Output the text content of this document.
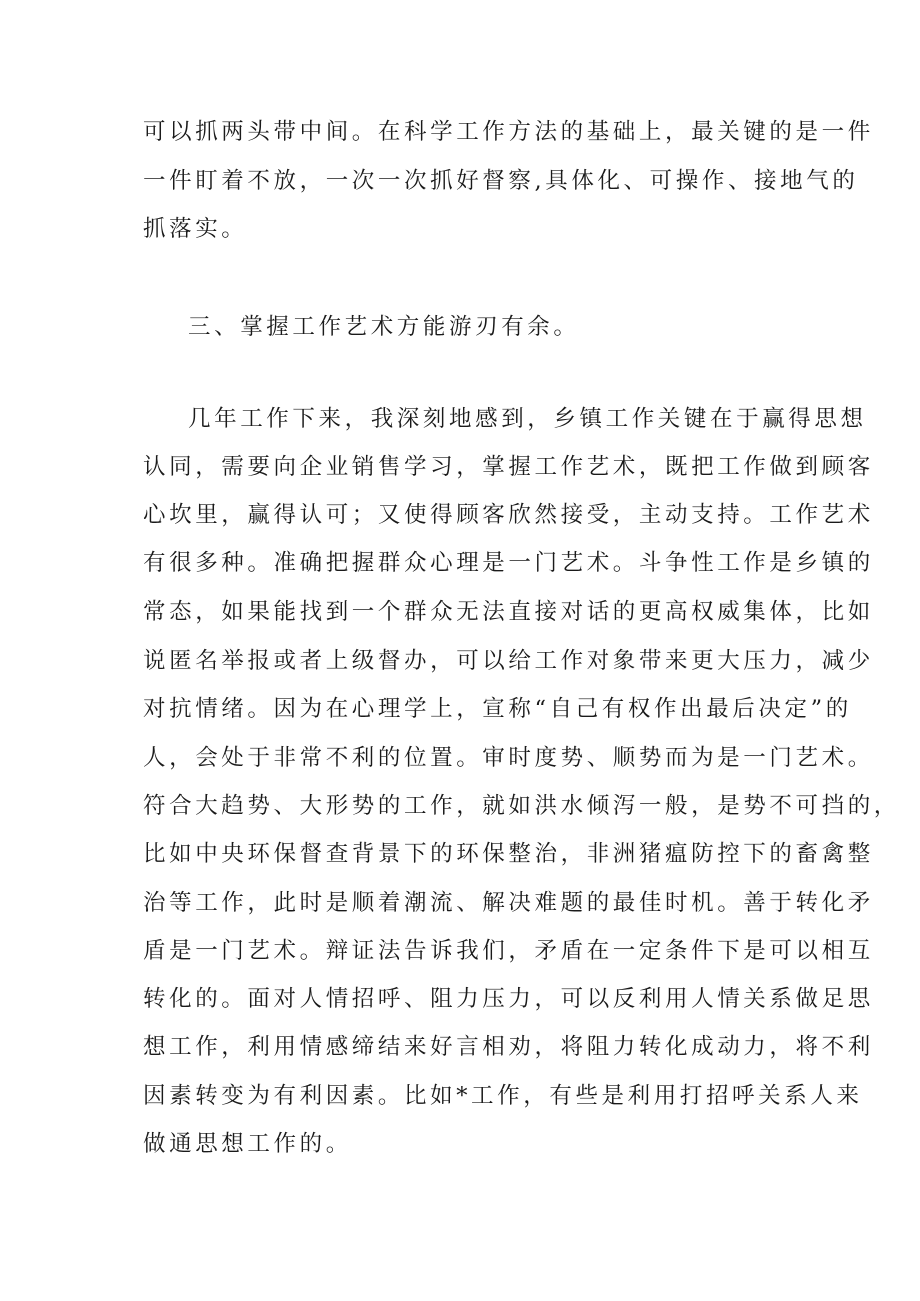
可以抓两头带中间。在科学工作方法的基础上，最关键的是一件

一件盯着不放，一次一次抓好督察,具体化、可操作、接地气的

抓落实。

三、掌握工作艺术方能游刃有余。

几年工作下来，我深刻地感到，乡镇工作关键在于赢得思想

认同，需要向企业销售学习，掌握工作艺术，既把工作做到顾客

心坎里，赢得认可；又使得顾客欣然接受，主动支持。工作艺术

有很多种。准确把握群众心理是一门艺术。斗争性工作是乡镇的

常态，如果能找到一个群众无法直接对话的更高权威集体，比如

说匿名举报或者上级督办，可以给工作对象带来更大压力，减少

对抗情绪。因为在心理学上，宣称“自己有权作出最后决定”的

人，会处于非常不利的位置。审时度势、顺势而为是一门艺术。

符合大趋势、大形势的工作，就如洪水倾泻一般，是势不可挡的，

比如中央环保督查背景下的环保整治，非洲猪瘟防控下的畜禽整

治等工作，此时是顺着潮流、解决难题的最佳时机。善于转化矛

盾是一门艺术。辩证法告诉我们，矛盾在一定条件下是可以相互

转化的。面对人情招呼、阻力压力，可以反利用人情关系做足思

想工作，利用情感缔结来好言相劝，将阻力转化成动力，将不利

因素转变为有利因素。比如*工作，有些是利用打招呼关系人来

做通思想工作的。
